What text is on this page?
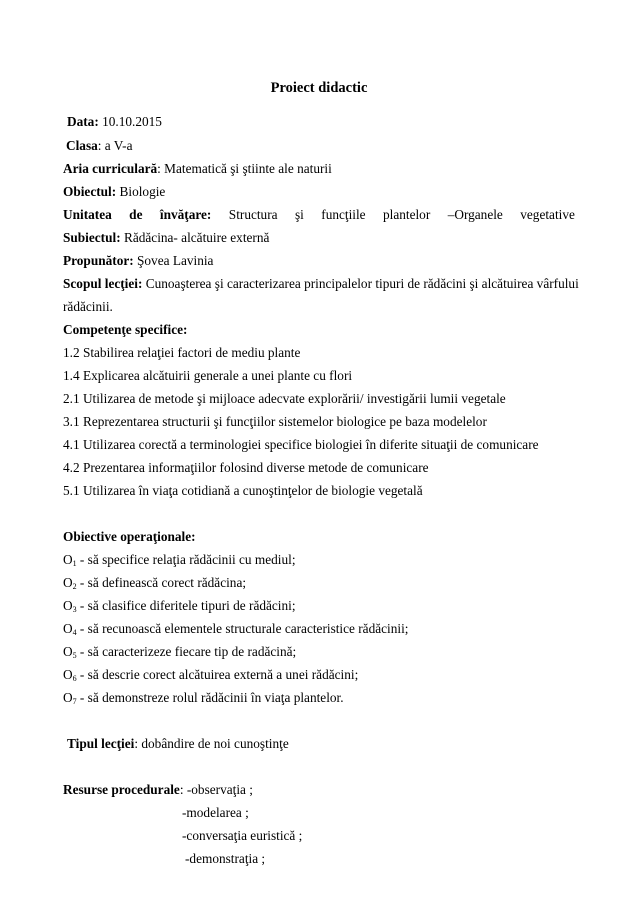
Proiect didactic
Data: 10.10.2015
Clasa: a V-a
Aria curriculară: Matematică şi ştiinte ale naturii
Obiectul: Biologie
Unitatea de învăţare: Structura şi funcţiile plantelor –Organele vegetative
Subiectul: Rădăcina- alcătuire externă
Propunător: Şovea Lavinia
Scopul lecţiei: Cunoaşterea şi caracterizarea principalelor tipuri de rădăcini şi alcătuirea vârfului
rădăcinii.
Competenţe specifice:
1.2 Stabilirea relaţiei factori de mediu plante
1.4 Explicarea alcătuirii generale a unei plante cu flori
2.1 Utilizarea de metode şi mijloace adecvate explorării/ investigării lumii vegetale
3.1 Reprezentarea structurii şi funcţiilor sistemelor biologice pe baza modelelor
4.1 Utilizarea corectă a terminologiei specifice biologiei în diferite situaţii de comunicare
4.2 Prezentarea informaţiilor folosind diverse metode de comunicare
5.1 Utilizarea în viaţa cotidiană a cunoştinţelor de biologie vegetală
Obiective operaţionale:
$O_1$ - să specifice relaţia rădăcinii cu mediul;
$O_2$ - să definească corect rădăcina;
$O_3$ - să clasifice diferitele tipuri de rădăcini;
$O_4$ - să recunoască elementele structurale caracteristice rădăcinii;
$O_5$ - să caracterizeze fiecare tip de radăcină;
$O_6$ - să descrie corect alcătuirea externă a unei rădăcini;
$O_7$ - să demonstreze rolul rădăcinii în viaţa plantelor.
Tipul lecţiei: dobândire de noi cunoştinţe
Resurse procedurale: -observaţia ;
-modelarea ;
-conversaţia euristică ;
-demonstraţia ;
